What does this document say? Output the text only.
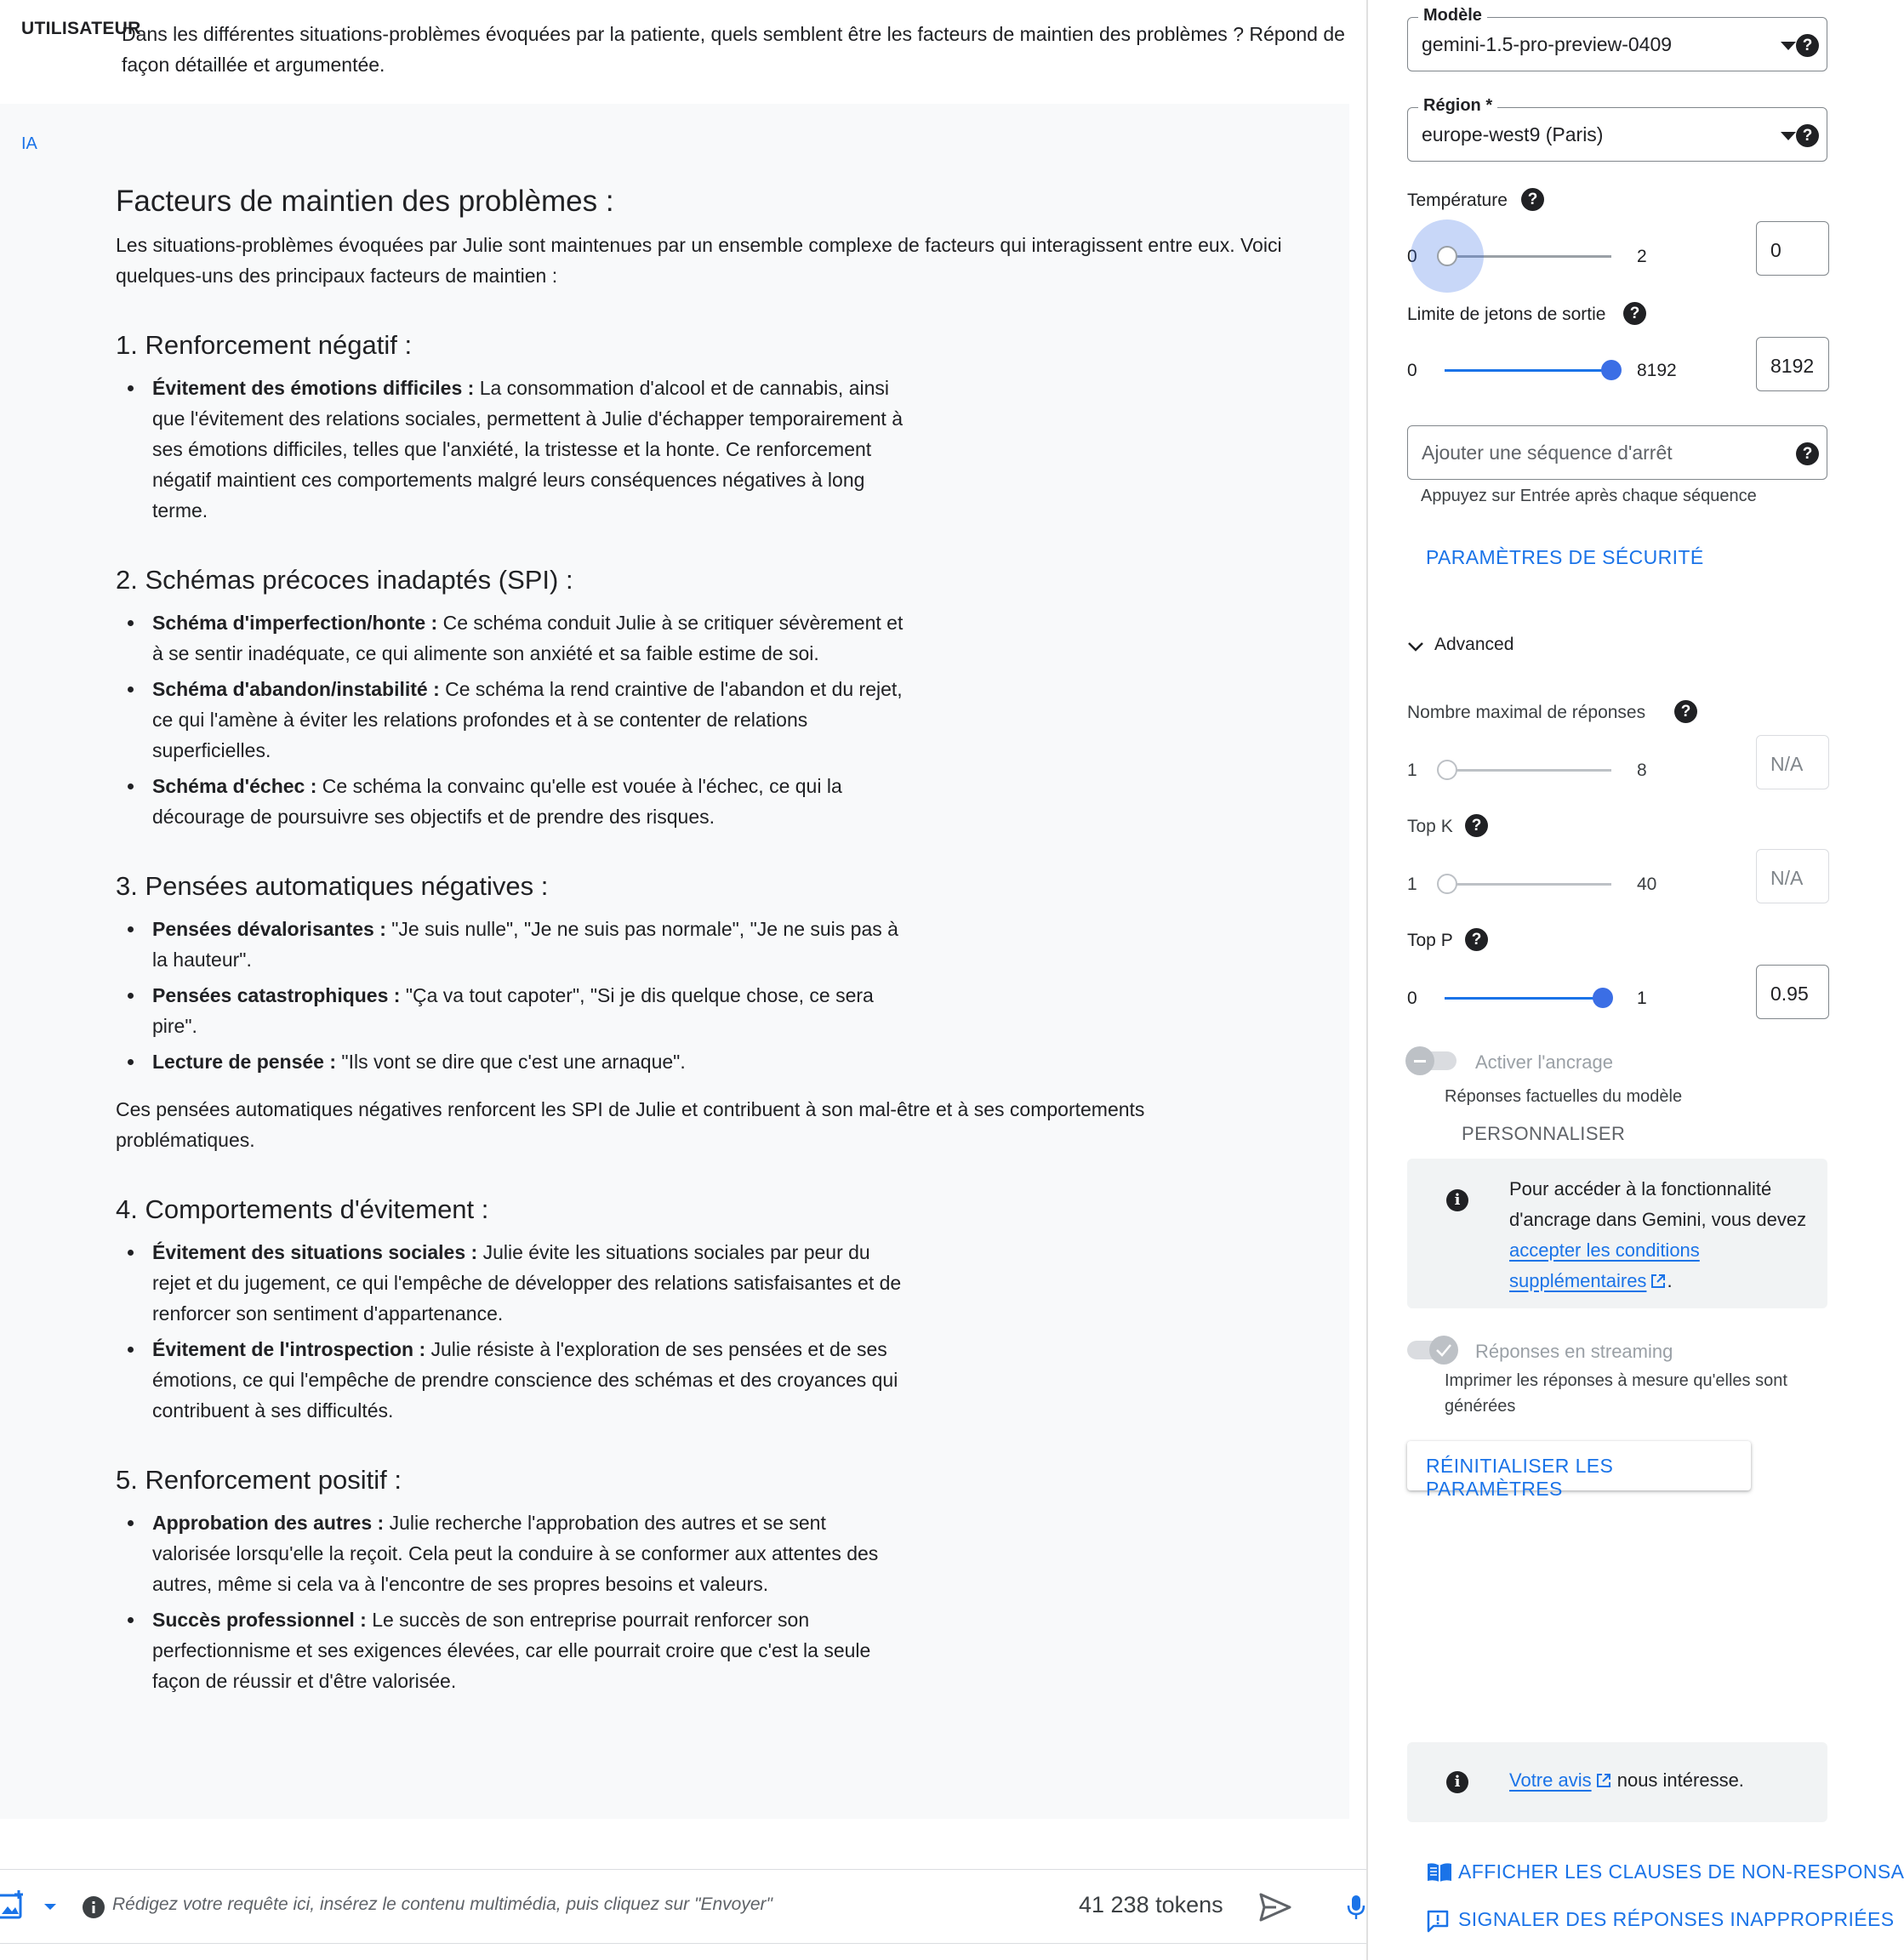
UTILISATEUR
Dans les différentes situations-problèmes évoquées par la patiente, quels semblent être les facteurs de maintien des problèmes ? Répond de façon détaillée et argumentée.
IA
Facteurs de maintien des problèmes :

Les situations-problèmes évoquées par Julie sont maintenues par un ensemble complexe de facteurs qui interagissent entre eux. Voici quelques-uns des principaux facteurs de maintien :

1. Renforcement négatif :
Évitement des émotions difficiles : La consommation d'alcool et de cannabis, ainsi que l'évitement des relations sociales, permettent à Julie d'échapper temporairement à ses émotions difficiles, telles que l'anxiété, la tristesse et la honte. Ce renforcement négatif maintient ces comportements malgré leurs conséquences négatives à long terme.
2. Schémas précoces inadaptés (SPI) :
Schéma d'imperfection/honte : Ce schéma conduit Julie à se critiquer sévèrement et à se sentir inadéquate, ce qui alimente son anxiété et sa faible estime de soi.
Schéma d'abandon/instabilité : Ce schéma la rend craintive de l'abandon et du rejet, ce qui l'amène à éviter les relations profondes et à se contenter de relations superficielles.
Schéma d'échec : Ce schéma la convainc qu'elle est vouée à l'échec, ce qui la décourage de poursuivre ses objectifs et de prendre des risques.
3. Pensées automatiques négatives :
Pensées dévalorisantes : "Je suis nulle", "Je ne suis pas normale", "Je ne suis pas à la hauteur".
Pensées catastrophiques : "Ça va tout capoter", "Si je dis quelque chose, ce sera pire".
Lecture de pensée : "Ils vont se dire que c'est une arnaque".

Ces pensées automatiques négatives renforcent les SPI de Julie et contribuent à son mal-être et à ses comportements problématiques.

4. Comportements d'évitement :
Évitement des situations sociales : Julie évite les situations sociales par peur du rejet et du jugement, ce qui l'empêche de développer des relations satisfaisantes et de renforcer son sentiment d'appartenance.
Évitement de l'introspection : Julie résiste à l'exploration de ses pensées et de ses émotions, ce qui l'empêche de prendre conscience des schémas et des croyances qui contribuent à ses difficultés.
5. Renforcement positif :
Approbation des autres : Julie recherche l'approbation des autres et se sent valorisée lorsqu'elle la reçoit. Cela peut la conduire à se conformer aux attentes des autres, même si cela va à l'encontre de ses propres besoins et valeurs.
Succès professionnel : Le succès de son entreprise pourrait renforcer son perfectionnisme et ses exigences élevées, car elle pourrait croire que c'est la seule façon de réussir et d'être valorisée.
Rédigez votre requête ici, insérez le contenu multimédia, puis cliquez sur "Envoyer"	41 238 tokens
Modèle
gemini-1.5-pro-preview-0409	?
Région *
europe-west9 (Paris)	?
Température	?
0	2	0
Limite de jetons de sortie	?
0	8192	8192
Ajouter une séquence d'arrêt	?
Appuyez sur Entrée après chaque séquence
PARAMÈTRES DE SÉCURITÉ
Advanced
Nombre maximal de réponses	?
1	8	N/A
Top K	?
1	40	N/A
Top P	?
0	1	0.95
Activer l'ancrage
Réponses factuelles du modèle
PERSONNALISER
i
Pour accéder à la fonctionnalité d'ancrage dans Gemini, vous devez accepter les conditions supplémentaires .
Réponses en streaming
Imprimer les réponses à mesure qu'elles sont générées
RÉINITIALISER LES PARAMÈTRES
i	Votre avis nous intéresse.
AFFICHER LES CLAUSES DE NON-RESPONSA
SIGNALER DES RÉPONSES INAPPROPRIÉES
